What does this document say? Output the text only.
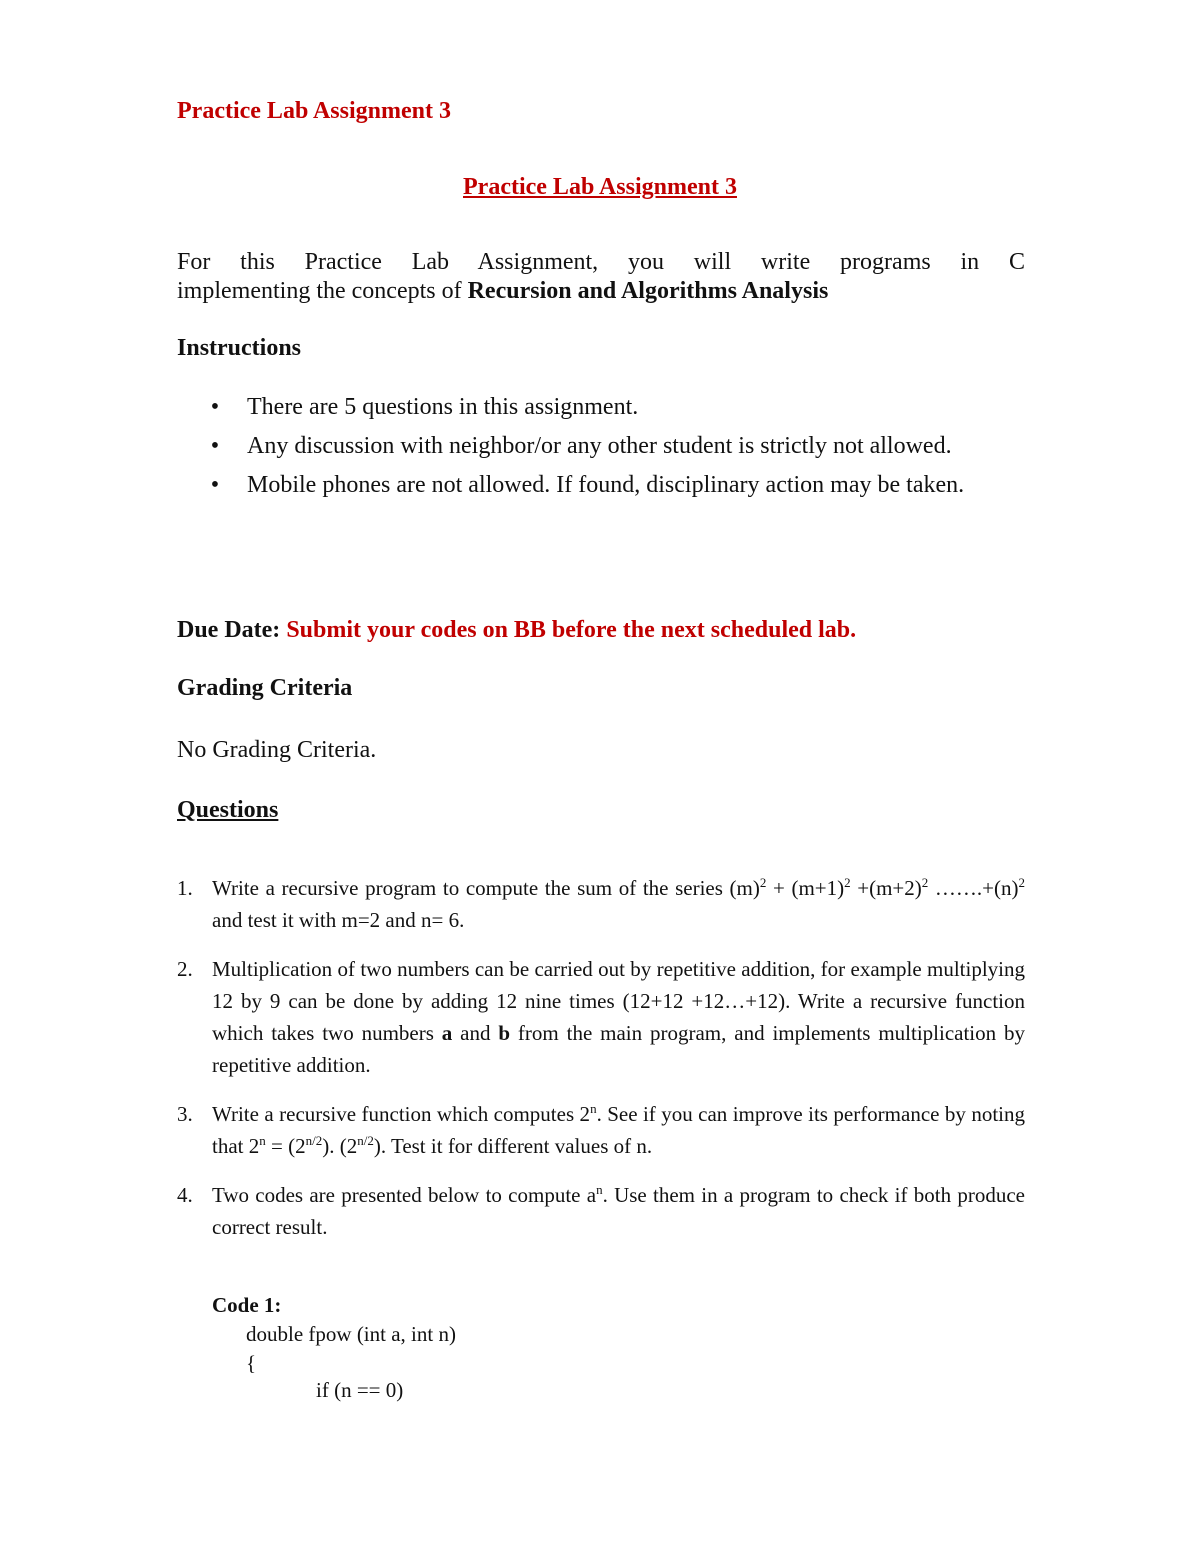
Practice Lab Assignment 3
Practice Lab Assignment 3
For this Practice Lab Assignment, you will write programs in C
implementing the concepts of Recursion and Algorithms Analysis
Instructions
• There are 5 questions in this assignment.
• Any discussion with neighbor/or any other student is strictly not allowed.
• Mobile phones are not allowed. If found, disciplinary action may be taken.
Due Date: Submit your codes on BB before the next scheduled lab.
Grading Criteria
No Grading Criteria.
Questions
1. Write a recursive program to compute the sum of the series $(m)^2 + (m+1)^2 +(m+2)^2$ $\dots\dots.+(n)^2$ and test it with m=2 and n= 6.
2. Multiplication of two numbers can be carried out by repetitive addition, for example multiplying 12 by 9 can be done by adding 12 nine times (12+12 +12…+12). Write a recursive function which takes two numbers a and b from the main program, and implements multiplication by repetitive addition.
3. Write a recursive function which computes 2$^n$. See if you can improve its performance by noting that $2^n = (2^{n/2})$. $(2^{n/2})$. Test it for different values of n.
4. Two codes are presented below to compute $a^n$. Use them in a program to check if both produce correct result.
Code 1:
double fpow (int a, int n)
{
if (n == 0)
